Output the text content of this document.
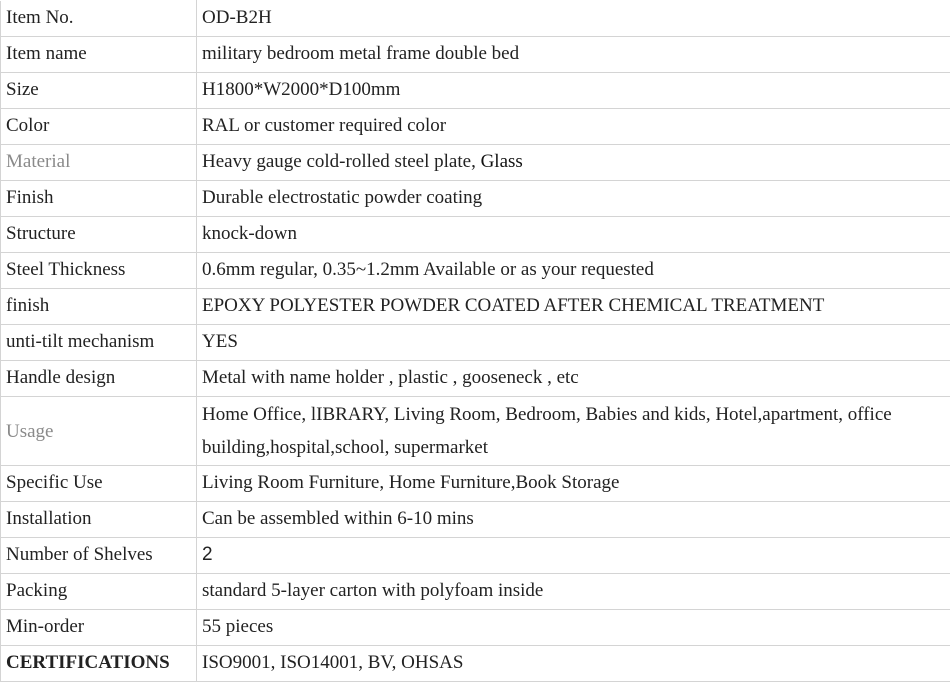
Item No.	OD-B2H
Item name	military bedroom metal frame double bed
Size	H1800*W2000*D100mm
Color	RAL or customer required color
Material	Heavy gauge cold-rolled steel plate, Glass
Finish	Durable electrostatic powder coating
Structure	knock-down
Steel Thickness	0.6mm regular, 0.35~1.2mm Available or as your requested
finish	EPOXY POLYESTER POWDER COATED AFTER CHEMICAL TREATMENT
unti-tilt mechanism	YES
Handle design	Metal with name holder , plastic , gooseneck , etc
Usage	Home Office, lIBRARY, Living Room, Bedroom, Babies and kids, Hotel,apartment, office building,hospital,school, supermarket
Specific Use	Living Room Furniture, Home Furniture,Book Storage
Installation	Can be assembled within 6-10 mins
Number of Shelves	2
Packing	standard 5-layer carton with polyfoam inside
Min-order	55 pieces
CERTIFICATIONS	ISO9001, ISO14001, BV, OHSAS
